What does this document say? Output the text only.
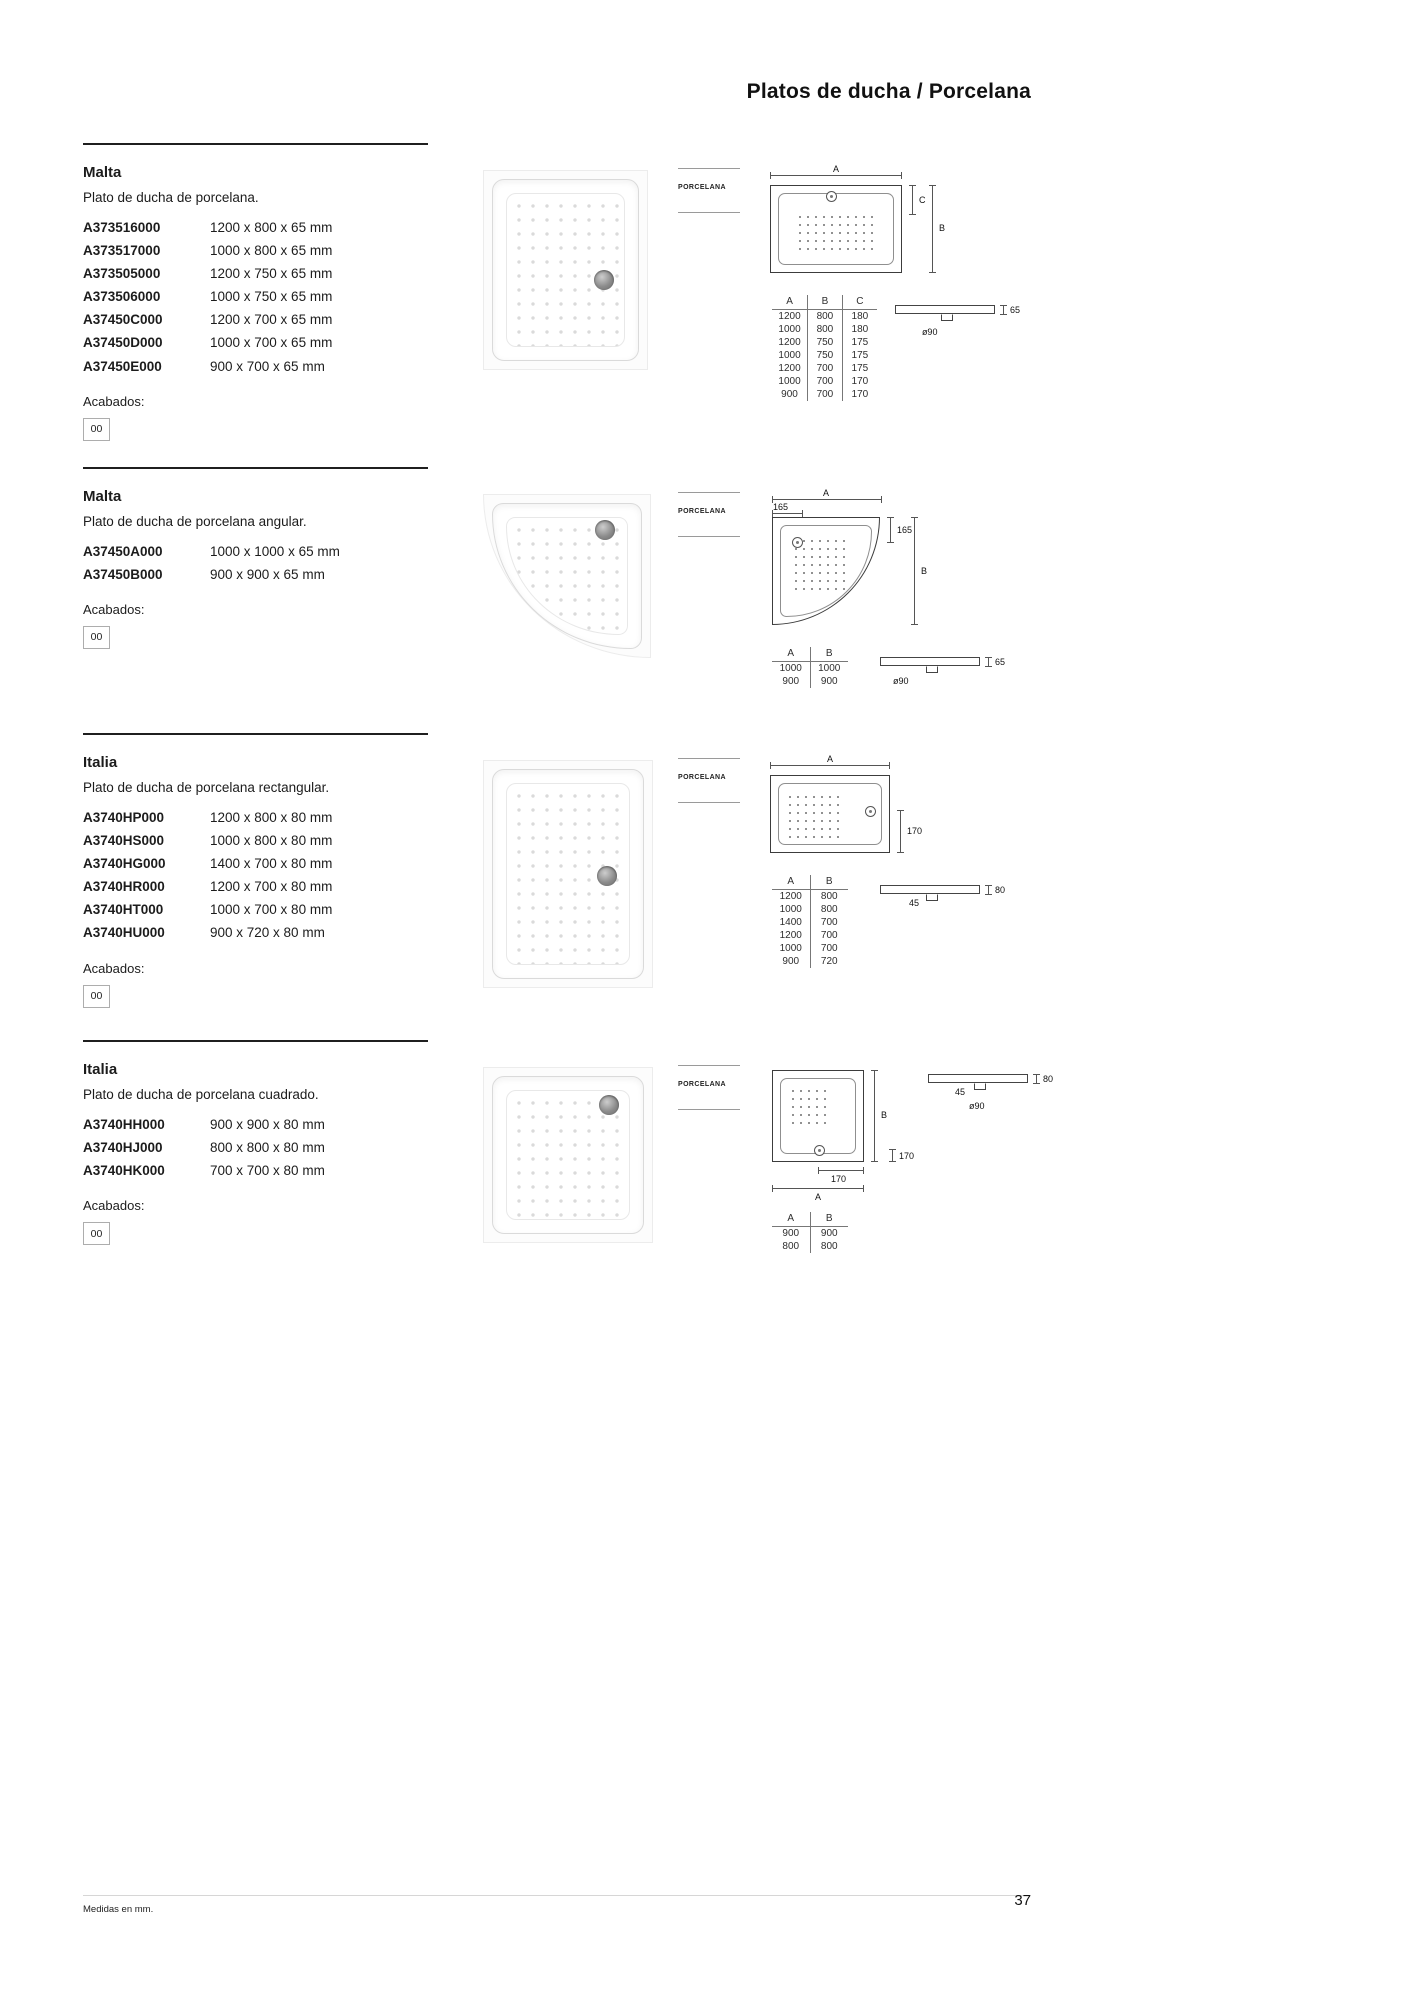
Platos de ducha / Porcelana
Malta

Plato de ducha de porcelana.

A373516000	1200 x 800 x 65 mm
A373517000	1000 x 800 x 65 mm
A373505000	1200 x 750 x 65 mm
A373506000	1000 x 750 x 65 mm
A37450C000	1200 x 700 x 65 mm
A37450D000	1000 x 700 x 65 mm
A37450E000	900 x 700 x 65 mm

Acabados:

00
PORCELANA
A
C
B
A	B	C
1200	800	180
1000	800	180
1200	750	175
1000	750	175
1200	700	175
1000	700	170
900	700	170
65
ø90
Malta

Plato de ducha de porcelana angular.

A37450A000	1000 x 1000 x 65 mm
A37450B000	900 x 900 x 65 mm

Acabados:

00
PORCELANA
A
165
165
B
A	B
1000	1000
900	900
65
ø90
Italia

Plato de ducha de porcelana rectangular.

A3740HP000	1200 x 800 x 80 mm
A3740HS000	1000 x 800 x 80 mm
A3740HG000	1400 x 700 x 80 mm
A3740HR000	1200 x 700 x 80 mm
A3740HT000	1000 x 700 x 80 mm
A3740HU000	900 x 720 x 80 mm

Acabados:

00
PORCELANA
A
170
A	B
1200	800
1000	800
1400	700
1200	700
1000	700
900	720
80
45
Italia

Plato de ducha de porcelana cuadrado.

A3740HH000	900 x 900 x 80 mm
A3740HJ000	800 x 800 x 80 mm
A3740HK000	700 x 700 x 80 mm

Acabados:

00
PORCELANA
B
170
170
A
80
45
ø90
A	B
900	900
800	800
Medidas en mm.
37
